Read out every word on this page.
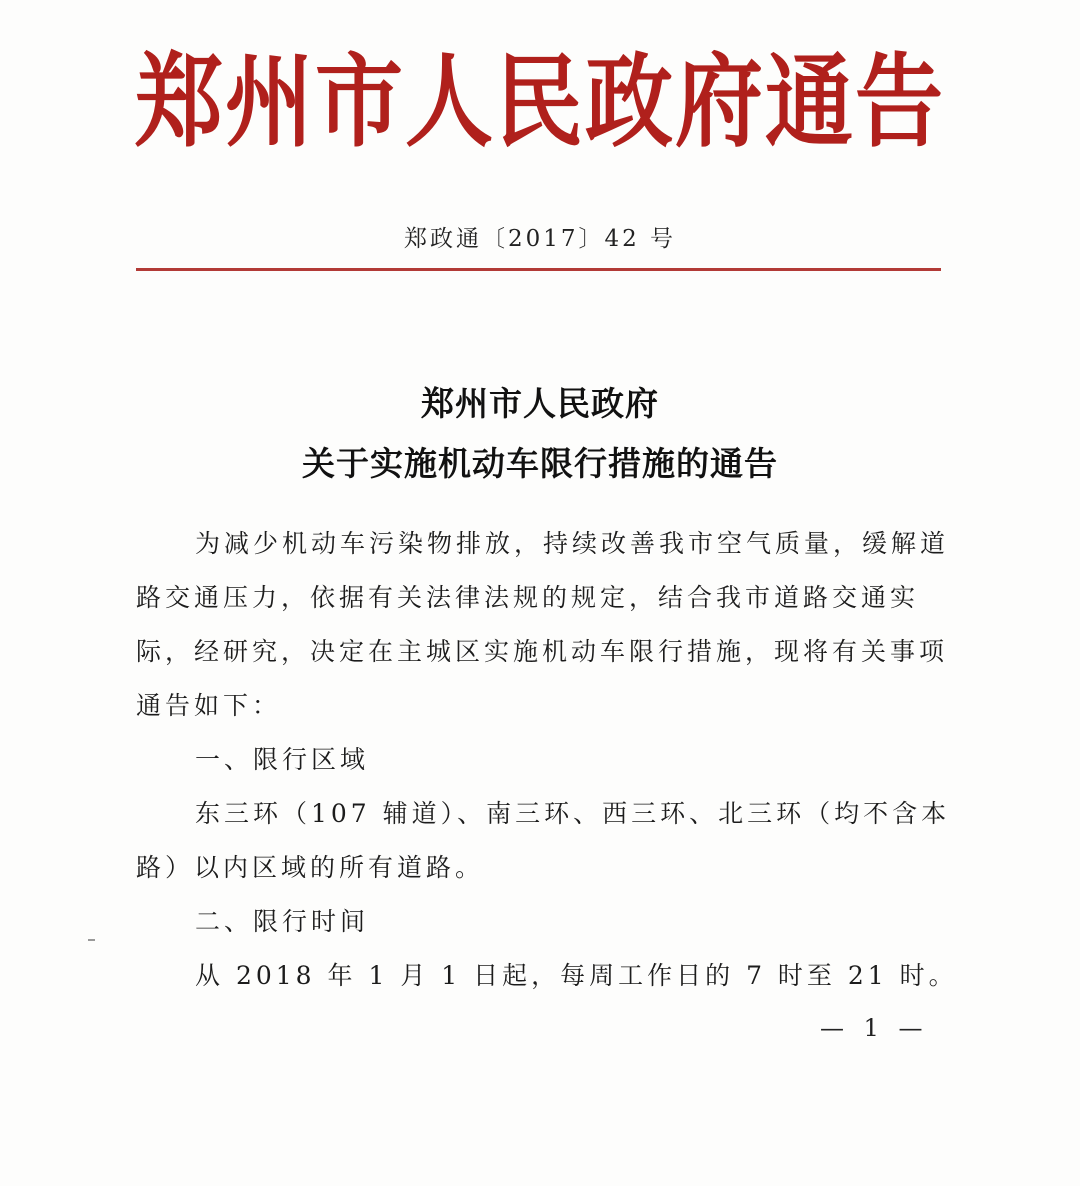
郑州市人民政府通告
郑政通〔2017〕42 号
郑州市人民政府
关于实施机动车限行措施的通告
为减少机动车污染物排放，持续改善我市空气质量，缓解道
路交通压力，依据有关法律法规的规定，结合我市道路交通实
际，经研究，决定在主城区实施机动车限行措施，现将有关事项
通告如下：
一、限行区域
东三环（107 辅道）、南三环、西三环、北三环（均不含本
路）以内区域的所有道路。
二、限行时间
从 2018 年 1 月 1 日起，每周工作日的 7 时至 21 时。
— 1 —
